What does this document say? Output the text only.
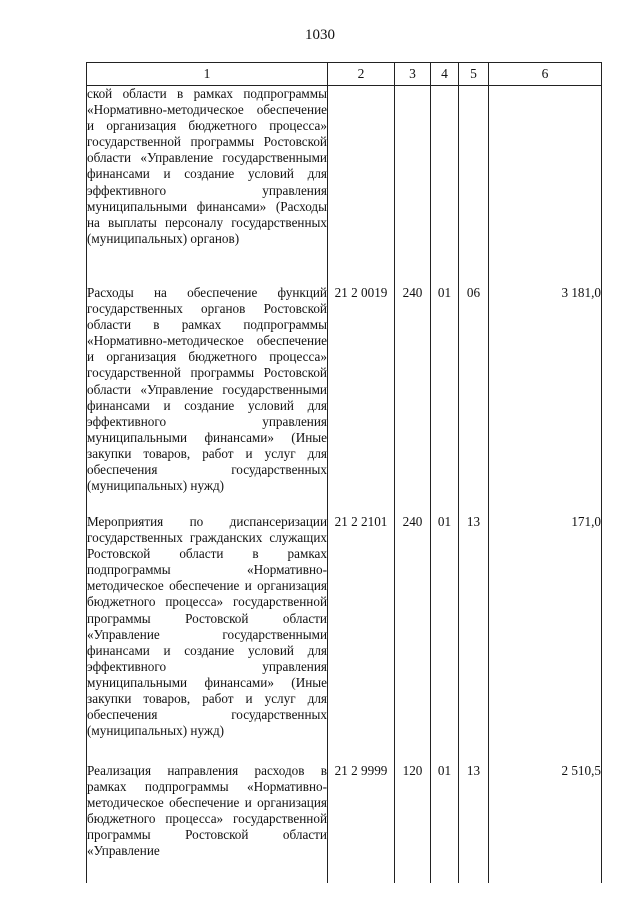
1030
1	2	3	4	5	6
ской области в рамках подпрограммы «Нормативно-методическое обеспечение и организация бюджетного процесса» государственной программы Ростовской области «Управление государственными финансами и создание условий для эффективного управления муниципальными финансами» (Расходы на выплаты персоналу государственных (муниципальных) органов)					
Расходы на обеспечение функций государственных органов Ростовской области в рамках подпрограммы «Нормативно-методическое обеспечение и организация бюджетного процесса» государственной программы Ростовской области «Управление государственными финансами и создание условий для эффективного управления муниципальными финансами» (Иные закупки товаров, работ и услуг для обеспечения государственных (муниципальных) нужд)	21 2 0019	240	01	06	3 181,0
Мероприятия по диспансеризации государственных гражданских служащих Ростовской области в рамках подпрограммы «Нормативно-методическое обеспечение и организация бюджетного процесса» государственной программы Ростовской области «Управление государственными финансами и создание условий для эффективного управления муниципальными финансами» (Иные закупки товаров, работ и услуг для обеспечения государственных (муниципальных) нужд)	21 2 2101	240	01	13	171,0
Реализация направления расходов в рамках подпрограммы «Нормативно-методическое обеспечение и организация бюджетного процесса» государственной программы Ростовской области «Управление	21 2 9999	120	01	13	2 510,5
